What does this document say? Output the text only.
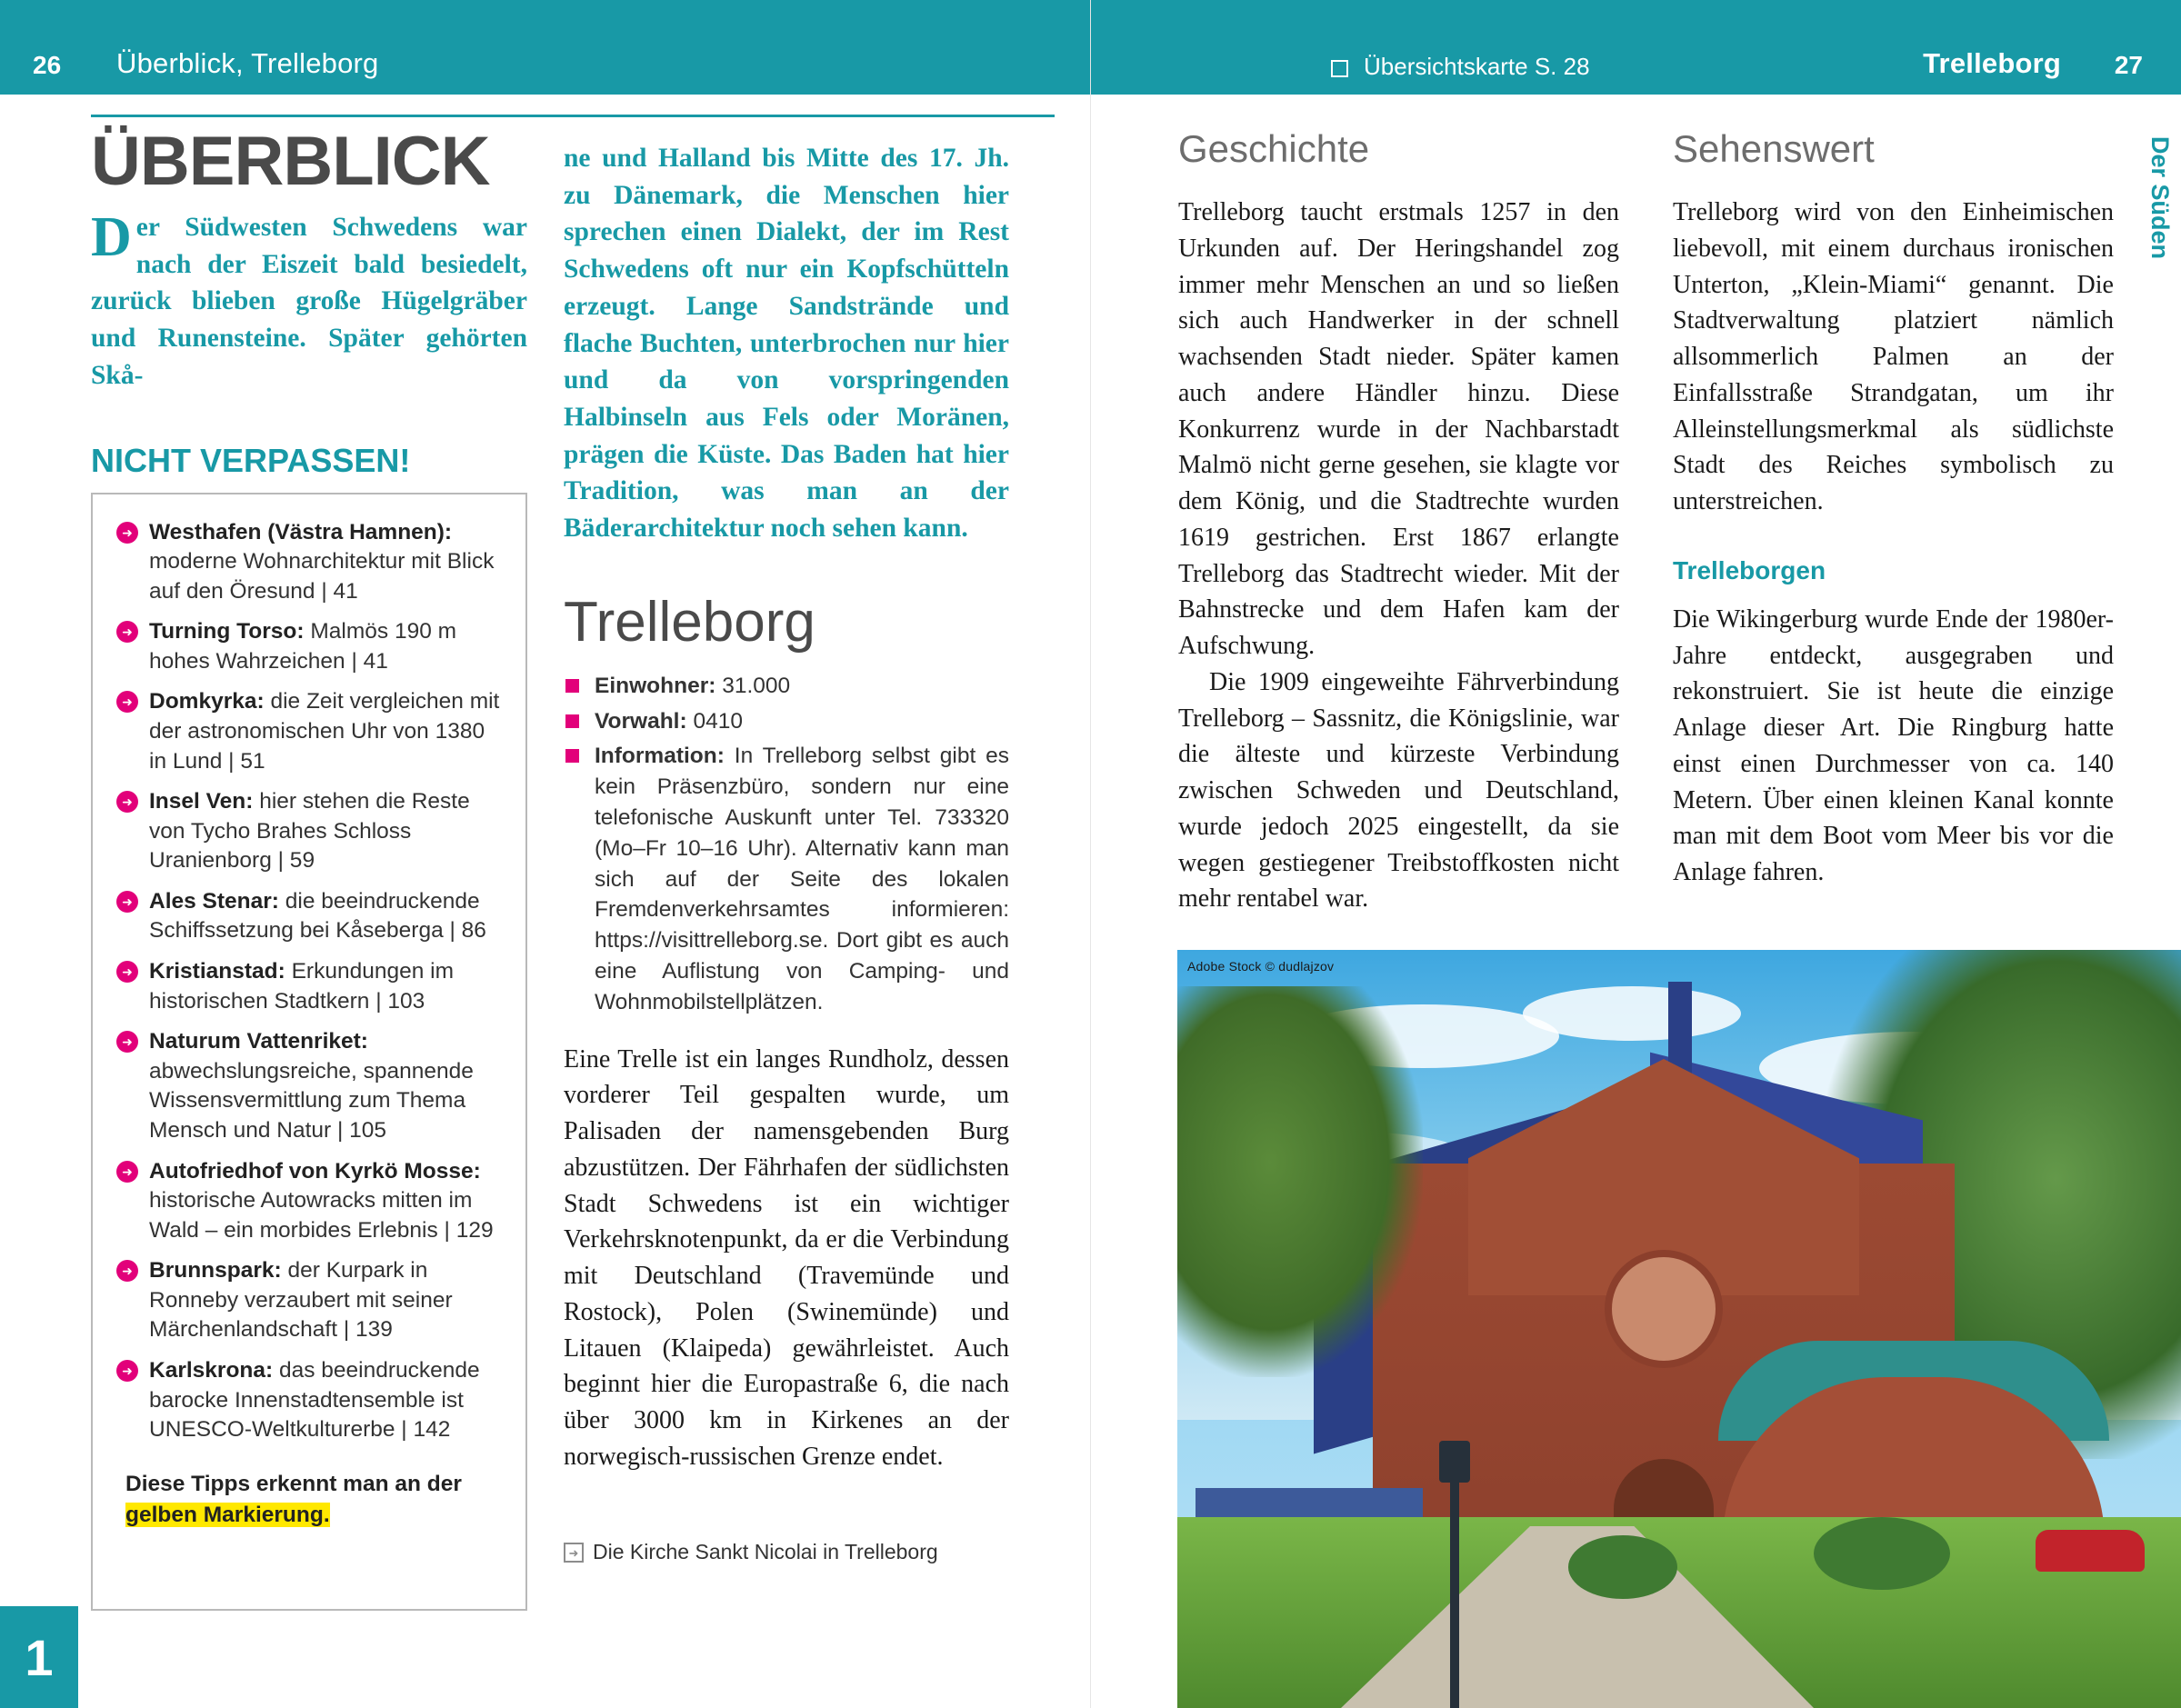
26 Überblick, Trelleborg
ÜBERBLICK

Der Südwesten Schwedens war nach der Eiszeit bald besiedelt, zurück blieben große Hügelgräber und Runensteine. Später gehörten Skå-

NICHT VERPASSEN!
➜ Westhafen (Västra Hamnen):
moderne Wohnarchitektur mit Blick auf den Öresund | 41
➜ Turning Torso: Malmös 190 m hohes Wahrzeichen | 41
➜ Domkyrka: die Zeit vergleichen mit der astronomischen Uhr von 1380 in Lund | 51
➜ Insel Ven: hier stehen die Reste von Tycho Brahes Schloss Uranienborg | 59
➜ Ales Stenar: die beeindruckende Schiffssetzung bei Kåseberga | 86
➜ Kristianstad: Erkundungen im historischen Stadtkern | 103
➜ Naturum Vattenriket:
abwechslungsreiche, spannende Wissensvermittlung zum Thema Mensch und Natur | 105
➜ Autofriedhof von Kyrkö Mosse:
historische Autowracks mitten im Wald – ein morbides Erlebnis | 129
➜ Brunnspark: der Kurpark in Ronneby verzaubert mit seiner Märchenlandschaft | 139
➜ Karlskrona: das beeindruckende barocke Innenstadtensemble ist UNESCO-Weltkulturerbe | 142
Diese Tipps erkennt man an der
gelben Markierung.

ne und Halland bis Mitte des 17. Jh. zu Dänemark, die Menschen hier sprechen einen Dialekt, der im Rest Schwedens oft nur ein Kopfschütteln erzeugt. Lange Sandstrände und flache Buchten, unterbrochen nur hier und da von vorspringenden Halbinseln aus Fels oder Moränen, prägen die Küste. Das Baden hat hier Tradition, was man an der Bäderarchitektur noch sehen kann.

Trelleborg
Einwohner: 31.000
Vorwahl: 0410
Information: In Trelleborg selbst gibt es kein Präsenzbüro, sondern nur eine telefonische Auskunft unter Tel. 733320 (Mo–Fr 10–16 Uhr). Alternativ kann man sich auf der Seite des lokalen Fremdenverkehrsamtes informieren: https://visittrelleborg.se. Dort gibt es auch eine Auflistung von Camping- und Wohnmobilstellplätzen.

Eine Trelle ist ein langes Rundholz, dessen vorderer Teil gespalten wurde, um Palisaden der namensgebenden Burg abzustützen. Der Fährhafen der südlichsten Stadt Schwedens ist ein wichtiger Verkehrsknotenpunkt, da er die Verbindung mit Deutschland (Travemünde und Rostock), Polen (Swinemünde) und Litauen (Klaipeda) gewährleistet. Auch beginnt hier die Europastraße 6, die nach über 3000 km in Kirkenes an der norwegisch-russischen Grenze endet.

➜ Die Kirche Sankt Nicolai in Trelleborg
1
Übersichtskarte S. 28	Trelleborg 27
Der Süden
Geschichte

Trelleborg taucht erstmals 1257 in den Urkunden auf. Der Heringshandel zog immer mehr Menschen an und so ließen sich auch Handwerker in der schnell wachsenden Stadt nieder. Später kamen auch andere Händler hinzu. Diese Konkurrenz wurde in der Nachbarstadt Malmö nicht gerne gesehen, sie klagte vor dem König, und die Stadtrechte wurden 1619 gestrichen. Erst 1867 erlangte Trelleborg das Stadtrecht wieder. Mit der Bahnstrecke und dem Hafen kam der Aufschwung.

Die 1909 eingeweihte Fährverbindung Trelleborg – Sassnitz, die Königslinie, war die älteste und kürzeste Verbindung zwischen Schweden und Deutschland, wurde jedoch 2025 eingestellt, da sie wegen gestiegener Treibstoffkosten nicht mehr rentabel war.

Sehenswert

Trelleborg wird von den Einheimischen liebevoll, mit einem durchaus ironischen Unterton, „Klein-Miami“ genannt. Die Stadtverwaltung platziert nämlich allsommerlich Palmen an der Einfallsstraße Strandgatan, um ihr Alleinstellungsmerkmal als südlichste Stadt des Reiches symbolisch zu unterstreichen.

Trelleborgen

Die Wikingerburg wurde Ende der 1980er-Jahre entdeckt, ausgegraben und rekonstruiert. Sie ist heute die einzige Anlage dieser Art. Die Ringburg hatte einst einen Durchmesser von ca. 140 Metern. Über einen kleinen Kanal konnte man mit dem Boot vom Meer bis vor die Anlage fahren.

Adobe Stock © dudlajzov
